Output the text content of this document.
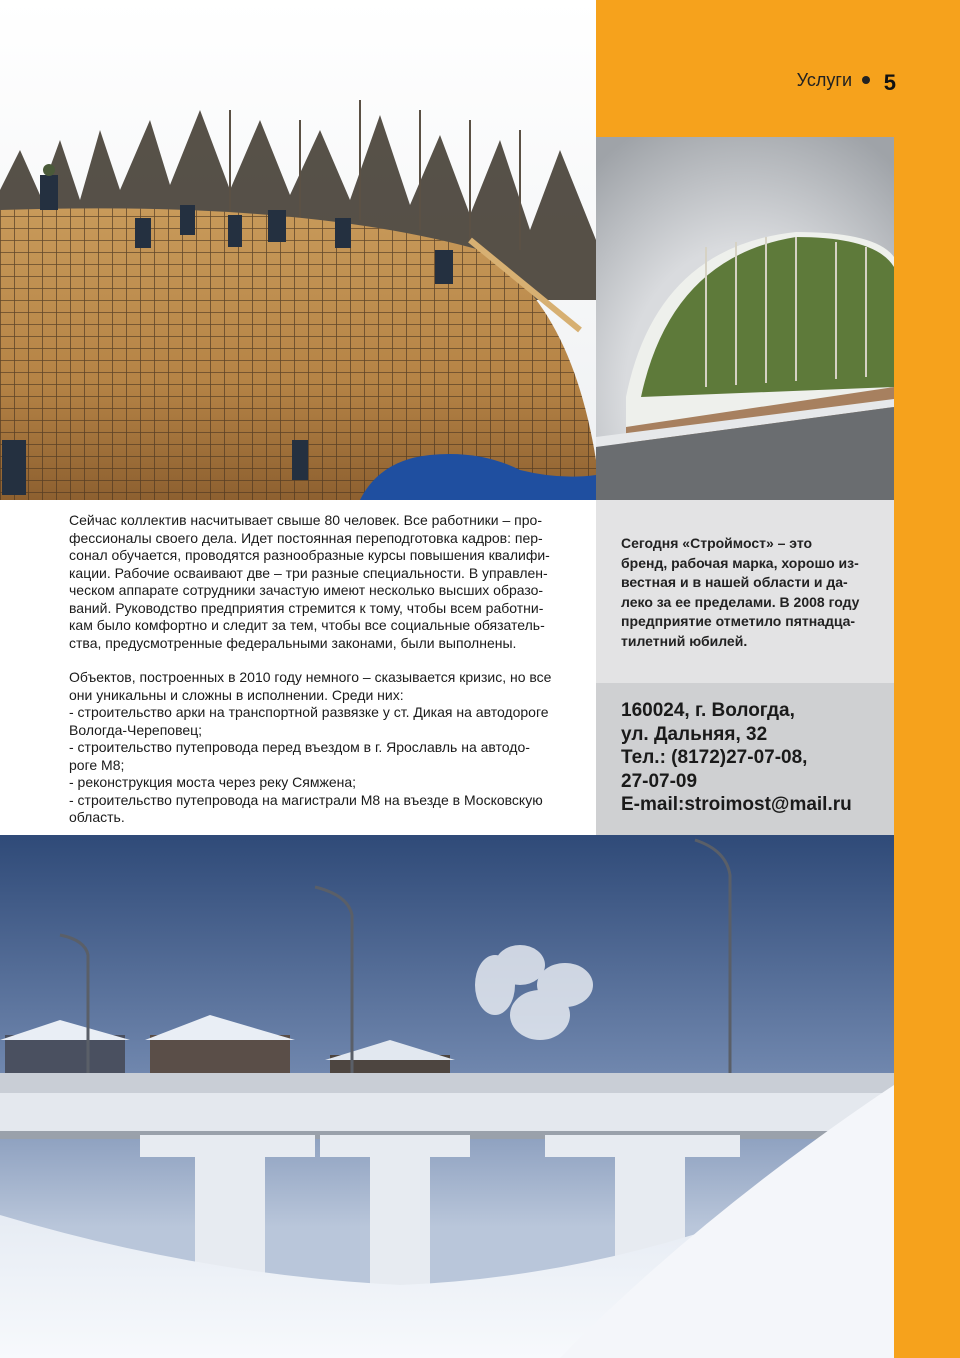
Услуги	5
Сейчас коллектив насчитывает свыше 80 человек. Все работники – про-
фессионалы своего дела. Идет постоянная переподготовка кадров: пер-
сонал обучается, проводятся разнообразные курсы повышения квалифи-
кации. Рабочие осваивают две – три разные специальности. В управлен-
ческом аппарате сотрудники зачастую имеют несколько высших образо-
ваний. Руководство предприятия стремится к тому, чтобы всем работни-
кам было комфортно и следит за тем, чтобы все социальные обязатель-
ства, предусмотренные федеральными законами, были выполнены.
Объектов, построенных в 2010 году немного – сказывается кризис, но все
они уникальны и сложны в исполнении. Среди них:
- строительство арки на транспортной развязке у ст. Дикая на автодороге
Вологда-Череповец;
- строительство путепровода перед въездом в г. Ярославль на автодо-
роге М8;
- реконструкция моста через реку Сямжена;
- строительство путепровода на магистрали М8 на въезде в Московскую
область.
Сегодня «Строймост» – это
бренд, рабочая марка, хорошо из-
вестная и в нашей области и да-
леко за ее пределами. В 2008 году
предприятие отметило пятнадца-
тилетний юбилей.
160024, г. Вологда,
ул. Дальняя, 32
Тел.: (8172)27-07-08,
27-07-09
E-mail:stroimost@mail.ru
